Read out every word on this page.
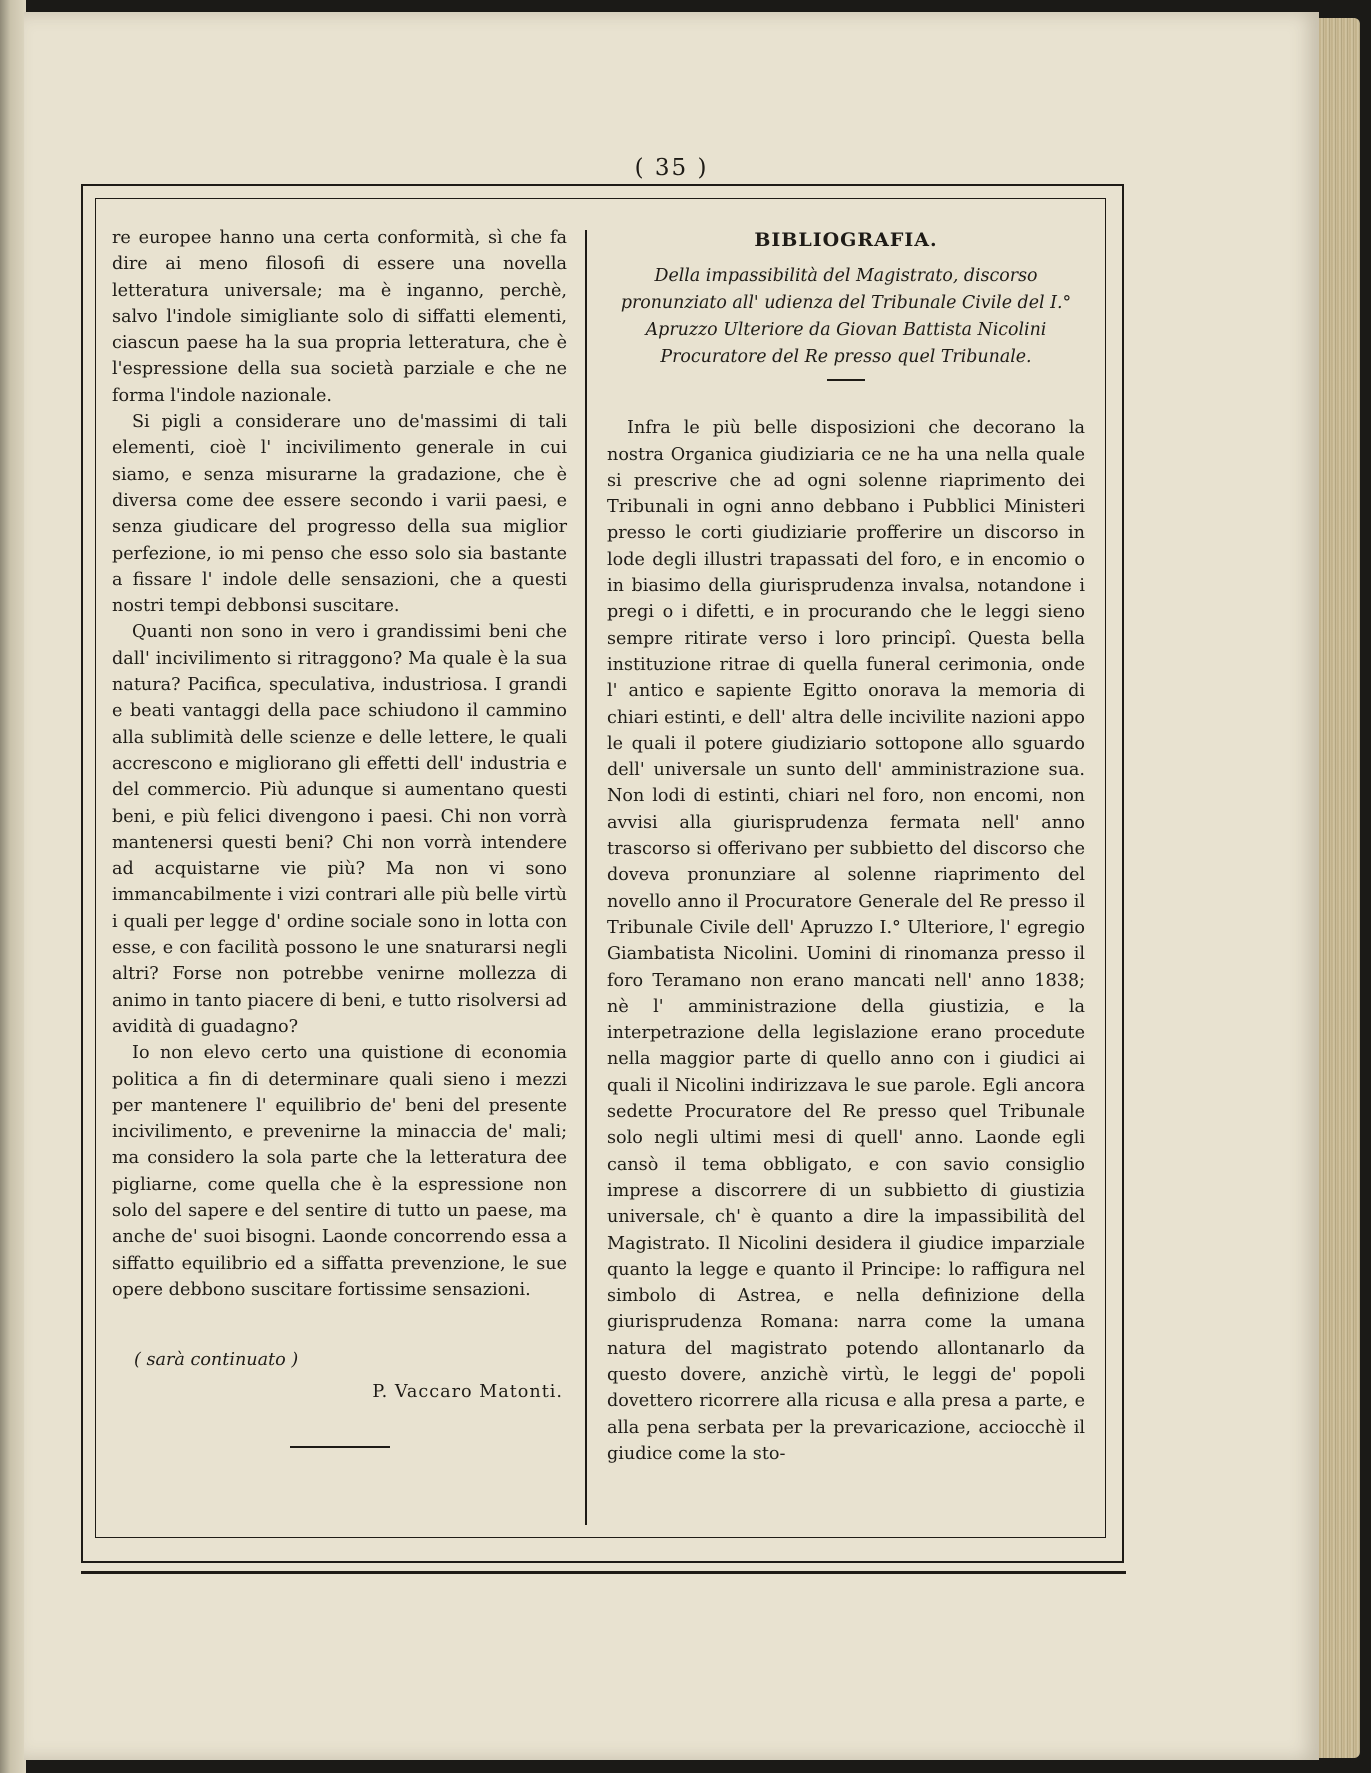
( 35 )

re europee hanno una certa conformità, sì che fa dire ai meno filosofi di essere una novella letteratura universale; ma è inganno, perchè, salvo l'indole simigliante solo di siffatti elementi, ciascun paese ha la sua propria letteratura, che è l'espressione della sua società parziale e che ne forma l'indole nazionale.

Si pigli a considerare uno de'massimi di tali elementi, cioè l' incivilimento generale in cui siamo, e senza misurarne la gradazione, che è diversa come dee essere secondo i varii paesi, e senza giudicare del progresso della sua miglior perfezione, io mi penso che esso solo sia bastante a fissare l' indole delle sensazioni, che a questi nostri tempi debbonsi suscitare.

Quanti non sono in vero i grandissimi beni che dall' incivilimento si ritraggono? Ma quale è la sua natura? Pacifica, speculativa, industriosa. I grandi e beati vantaggi della pace schiudono il cammino alla sublimità delle scienze e delle lettere, le quali accrescono e migliorano gli effetti dell' industria e del commercio. Più adunque si aumentano questi beni, e più felici divengono i paesi. Chi non vorrà mantenersi questi beni? Chi non vorrà intendere ad acquistarne vie più? Ma non vi sono immancabilmente i vizi contrari alle più belle virtù i quali per legge d' ordine sociale sono in lotta con esse, e con facilità possono le une snaturarsi negli altri? Forse non potrebbe venirne mollezza di animo in tanto piacere di beni, e tutto risolversi ad avidità di guadagno?

Io non elevo certo una quistione di economia politica a fin di determinare quali sieno i mezzi per mantenere l' equilibrio de' beni del presente incivilimento, e prevenirne la minaccia de' mali; ma considero la sola parte che la letteratura dee pigliarne, come quella che è la espressione non solo del sapere e del sentire di tutto un paese, ma anche de' suoi bisogni. Laonde concorrendo essa a siffatto equilibrio ed a siffatta prevenzione, le sue opere debbono suscitare fortissime sensazioni.

( sarà continuato )
P. Vaccaro Matonti.
BIBLIOGRAFIA.
Della impassibilità del Magistrato, discorso pronunziato all' udienza del Tribunale Civile del I.° Apruzzo Ulteriore da Giovan Battista Nicolini Procuratore del Re presso quel Tribunale.

Infra le più belle disposizioni che decorano la nostra Organica giudiziaria ce ne ha una nella quale si prescrive che ad ogni solenne riaprimento dei Tribunali in ogni anno debbano i Pubblici Ministeri presso le corti giudiziarie profferire un discorso in lode degli illustri trapassati del foro, e in encomio o in biasimo della giurisprudenza invalsa, notandone i pregi o i difetti, e in procurando che le leggi sieno sempre ritirate verso i loro principî. Questa bella instituzione ritrae di quella funeral cerimonia, onde l' antico e sapiente Egitto onorava la memoria di chiari estinti, e dell' altra delle incivilite nazioni appo le quali il potere giudiziario sottopone allo sguardo dell' universale un sunto dell' amministrazione sua. Non lodi di estinti, chiari nel foro, non encomi, non avvisi alla giurisprudenza fermata nell' anno trascorso si offerivano per subbietto del discorso che doveva pronunziare al solenne riaprimento del novello anno il Procuratore Generale del Re presso il Tribunale Civile dell' Apruzzo I.° Ulteriore, l' egregio Giambatista Nicolini. Uomini di rinomanza presso il foro Teramano non erano mancati nell' anno 1838; nè l' amministrazione della giustizia, e la interpetrazione della legislazione erano procedute nella maggior parte di quello anno con i giudici ai quali il Nicolini indirizzava le sue parole. Egli ancora sedette Procuratore del Re presso quel Tribunale solo negli ultimi mesi di quell' anno. Laonde egli cansò il tema obbligato, e con savio consiglio imprese a discorrere di un subbietto di giustizia universale, ch' è quanto a dire la impassibilità del Magistrato. Il Nicolini desidera il giudice imparziale quanto la legge e quanto il Principe: lo raffigura nel simbolo di Astrea, e nella definizione della giurisprudenza Romana: narra come la umana natura del magistrato potendo allontanarlo da questo dovere, anzichè virtù, le leggi de' popoli dovettero ricorrere alla ricusa e alla presa a parte, e alla pena serbata per la prevaricazione, acciocchè il giudice come la sto-
